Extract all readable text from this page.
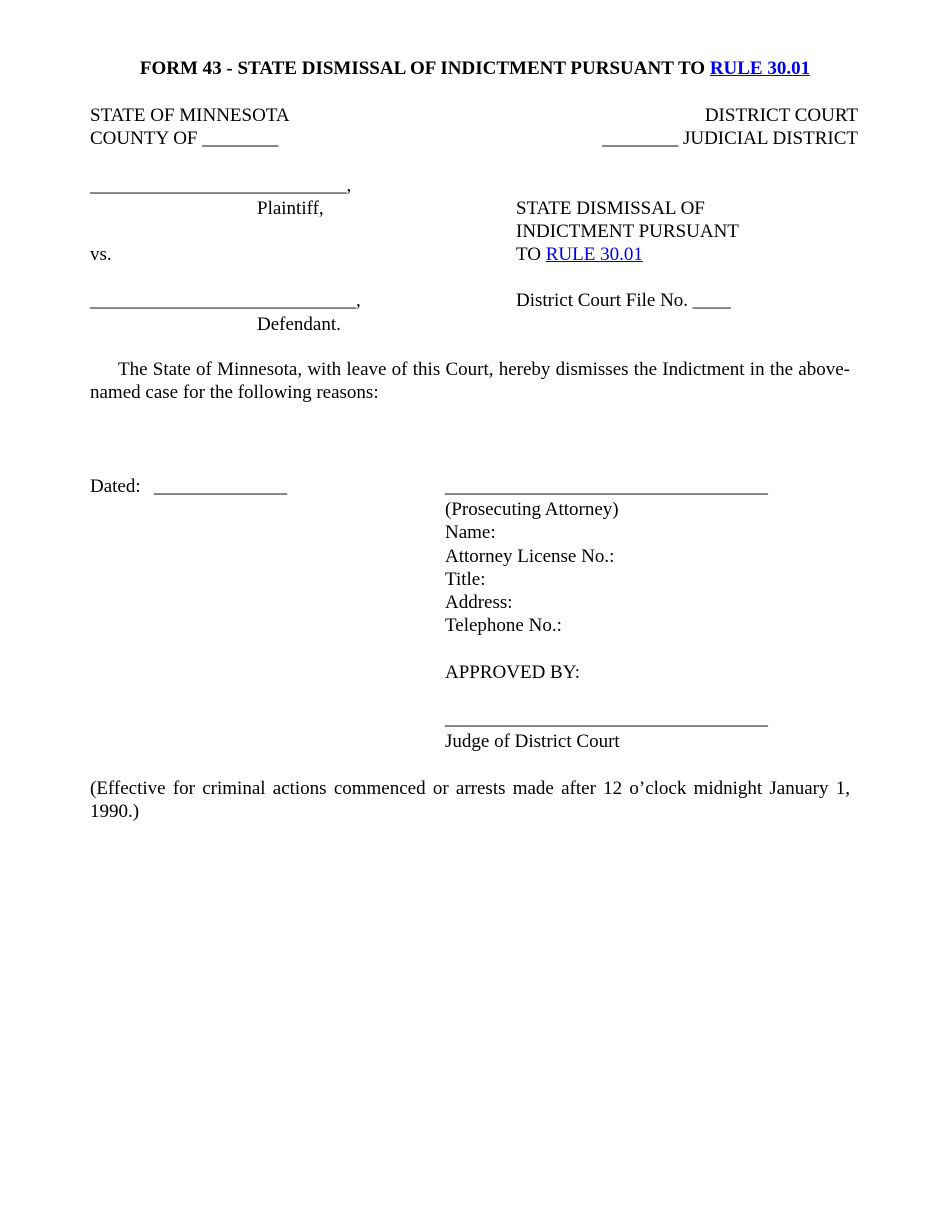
FORM 43 - STATE DISMISSAL OF INDICTMENT PURSUANT TO RULE 30.01
STATE OF MINNESOTA
COUNTY OF ________
DISTRICT COURT
________ JUDICIAL DISTRICT
___________________________,
Plaintiff,
vs.
____________________________,
Defendant.
STATE DISMISSAL OF
INDICTMENT PURSUANT
TO RULE 30.01
District Court File No. ____
The State of Minnesota, with leave of this Court, hereby dismisses the Indictment in the above-named case for the following reasons:
Dated: ______________	__________________________________
(Prosecuting Attorney)
Name:
Attorney License No.:
Title:
Address:
Telephone No.:
APPROVED BY:
__________________________________
Judge of District Court
(Effective for criminal actions commenced or arrests made after 12 o’clock midnight January 1, 1990.)
